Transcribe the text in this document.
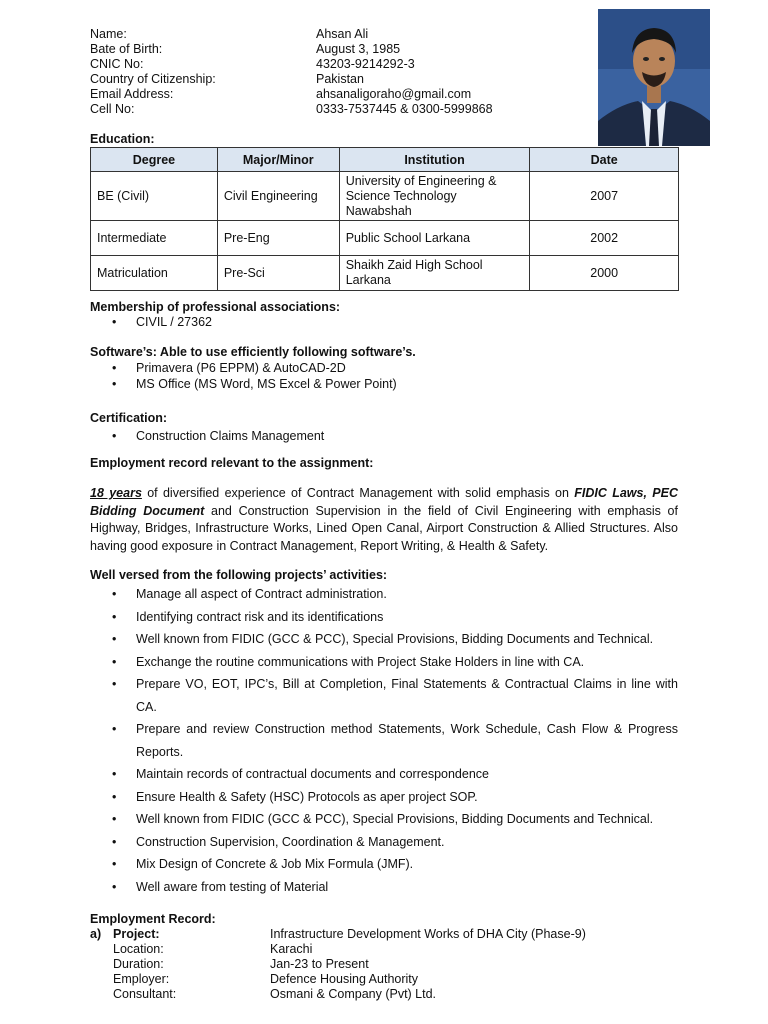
Name:	Ahsan Ali
Bate of Birth:	August 3, 1985
CNIC No:	43203-9214292-3
Country of Citizenship:	Pakistan
Email Address:	ahsanaligoraho@gmail.com
Cell No:	0333-7537445 & 0300-5999868
Education:
Degree	Major/Minor	Institution	Date
BE (Civil)	Civil Engineering	University of Engineering &
Science Technology
Nawabshah	2007
Intermediate	Pre-Eng	Public School Larkana	2002
Matriculation	Pre-Sci	Shaikh Zaid High School
Larkana	2000
Membership of professional associations:
• CIVIL / 27362
Software’s: Able to use efficiently following software’s.
• Primavera (P6 EPPM) & AutoCAD-2D
• MS Office (MS Word, MS Excel & Power Point)
Certification:
• Construction Claims Management
Employment record relevant to the assignment:
18 years of diversified experience of Contract Management with solid emphasis on FIDIC Laws, PEC Bidding Document and Construction Supervision in the field of Civil Engineering with emphasis of Highway, Bridges, Infrastructure Works, Lined Open Canal, Airport Construction & Allied Structures. Also having good exposure in Contract Management, Report Writing, & Health & Safety.
Well versed from the following projects’ activities:
• Manage all aspect of Contract administration.
• Identifying contract risk and its identifications
• Well known from FIDIC (GCC & PCC), Special Provisions, Bidding Documents and Technical.
• Exchange the routine communications with Project Stake Holders in line with CA.
• Prepare VO, EOT, IPC’s, Bill at Completion, Final Statements & Contractual Claims in line with CA.
• Prepare and review Construction method Statements, Work Schedule, Cash Flow & Progress Reports.
• Maintain records of contractual documents and correspondence
• Ensure Health & Safety (HSC) Protocols as aper project SOP.
• Well known from FIDIC (GCC & PCC), Special Provisions, Bidding Documents and Technical.
• Construction Supervision, Coordination & Management.
• Mix Design of Concrete & Job Mix Formula (JMF).
• Well aware from testing of Material
Employment Record:
a) Project:	Infrastructure Development Works of DHA City (Phase-9)
Location:	Karachi
Duration:	Jan-23 to Present
Employer:	Defence Housing Authority
Consultant:	Osmani & Company (Pvt) Ltd.
